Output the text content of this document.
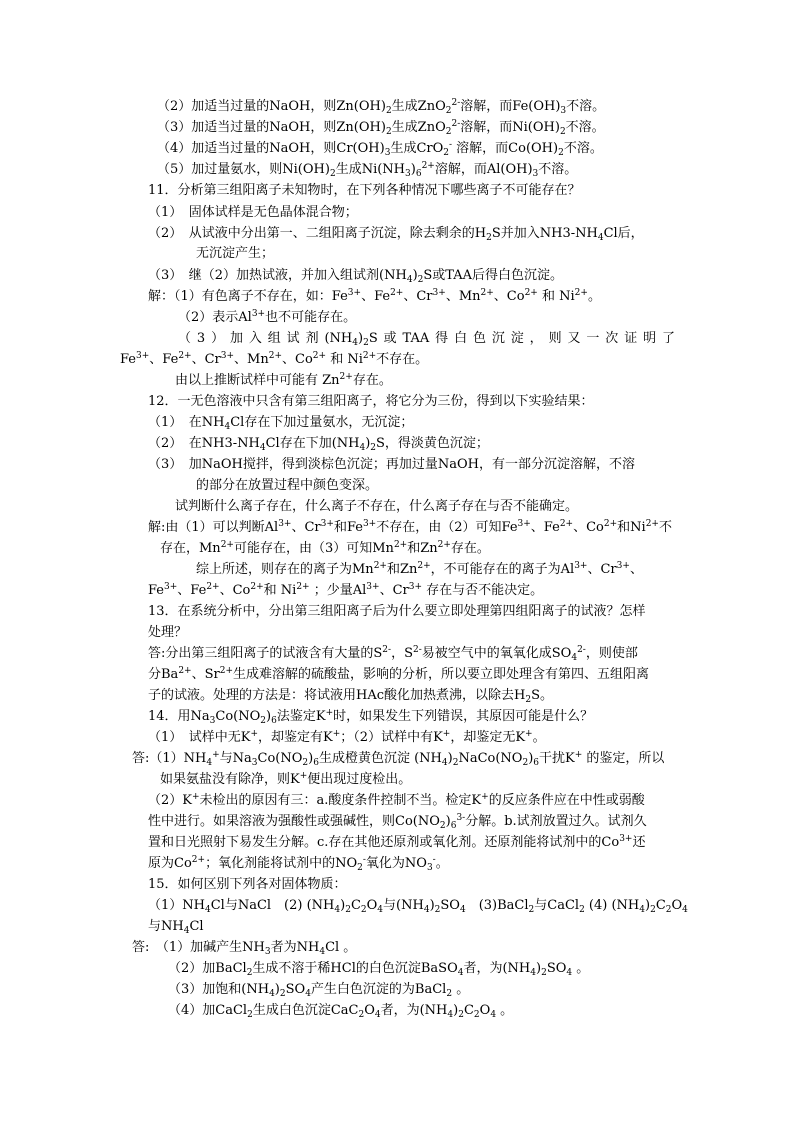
（2）加适当过量的NaOH，则$Zn(OH)_2$生成ZnO$_2^{2-}$溶解，而$Fe(OH)_3$不溶。
（3）加适当过量的NaOH，则$Zn(OH)_2$生成ZnO$_2^{2-}$溶解，而$Ni(OH)_2$不溶。
（4）加适当过量的NaOH，则$Cr(OH)_3$生成CrO$_2$- 溶解，而$Co(OH)_2$不溶。
（5）加过量氨水，则$Ni(OH)_2$生成$Ni(NH_3)_6^{2+}$溶解，而$Al(OH)_3$不溶。
11．分析第三组阳离子未知物时，在下列各种情况下哪些离子不可能存在？
（1）　固体试样是无色晶体混合物；
（2）　从试液中分出第一、二组阳离子沉淀，除去剩余的$H_2S$并加入$NH3-NH_4Cl$后，
无沉淀产生；
（3）　继（2）加热试液，并加入组试剂$(NH_4)_2S$或TAA后得白色沉淀。
解：（1）有色离子不存在，如：$Fe^{3+}$、$Fe^{2+}$、$Cr^{3+}$、$Mn^{2+}$、$Co^{2+}$ 和 $Ni^{2+}$。
（2）表示$Al^{3+}$也不可能存在。
（3）加入组试剂$(NH_4)_2S$或TAA得白色沉淀，则又一次证明了
$Fe^{3+}$、$Fe^{2+}$、$Cr^{3+}$、$Mn^{2+}$、$Co^{2+}$ 和 $Ni^{2+}$不存在。
由以上推断试样中可能有 $Zn^{2+}$存在。
12．一无色溶液中只含有第三组阳离子，将它分为三份，得到以下实验结果：
（1）　在$NH_4Cl$存在下加过量氨水，无沉淀；
（2）　在$NH3-NH_4Cl$存在下加$(NH_4)_2S$，得淡黄色沉淀；
（3）　加NaOH搅拌，得到淡棕色沉淀；再加过量NaOH，有一部分沉淀溶解，不溶
的部分在放置过程中颜色变深。
试判断什么离子存在，什么离子不存在，什么离子存在与否不能确定。
解:由（1）可以判断$Al^{3+}$、$Cr^{3+}$和$Fe^{3+}$不存在，由（2）可知$Fe^{3+}$、$Fe^{2+}$、$Co^{2+}$和$Ni^{2+}$不
存在，$Mn^{2+}$可能存在，由（3）可知$Mn^{2+}$和$Zn^{2+}$存在。
综上所述，则存在的离子为$Mn^{2+}$和$Zn^{2+}$，不可能存在的离子为$Al^{3+}$、$Cr^{3+}$、
$Fe^{3+}$、$Fe^{2+}$、$Co^{2+}$和 $Ni^{2+}$ ；少量$Al^{3+}$、$Cr^{3+}$ 存在与否不能决定。
13．在系统分析中，分出第三组阳离子后为什么要立即处理第四组阳离子的试液？怎样
处理？
答:分出第三组阳离子的试液含有大量的$S^{2-}$，$S^{2-}$易被空气中的氧氧化成$SO_4^{2-}$，则使部
分$Ba^{2+}$、$Sr^{2+}$生成难溶解的硫酸盐，影响的分析，所以要立即处理含有第四、五组阳离
子的试液。处理的方法是：将试液用HAc酸化加热煮沸，以除去$H_2S$。
14．用$Na_3Co(NO_2)_6$法鉴定K+时，如果发生下列错误，其原因可能是什么？
（1）　试样中无K+，却鉴定有K+；（2）试样中有K+，却鉴定无K+。
答$:(1)NH_4^+$与$Na_3Co(NO_2)_6$生成橙黄色沉淀 $(NH_4)_2NaCo(NO_2)_6$干扰K+ 的鉴定，所以
如果氨盐没有除净，则K+便出现过度检出。
（2）K+未检出的原因有三：a.酸度条件控制不当。检定K+的反应条件应在中性或弱酸
性中进行。如果溶液为强酸性或强碱性，则$Co(NO_2)_6^{3-}$分解。b.试剂放置过久。试剂久
置和日光照射下易发生分解。c.存在其他还原剂或氧化剂。还原剂能将试剂中的$Co^{3+}$还
原为$Co^{2+}$；氧化剂能将试剂中的$NO_2^-$氧化为$NO_3^-$。
15．如何区别下列各对固体物质：
$(1)NH_4Cl$与NaCl　(2) $(NH_4)_2C_2O_4$与$(NH_4)_2SO_4$　(3)BaCl$_2$与CaCl$_2$ (4) $(NH_4)_2C_2O_4$
与$NH_4Cl$
答:　（1）加碱产生$NH_3$者为$NH_4Cl$ 。
（2）加BaCl$_2$生成不溶于稀HCl的白色沉淀BaSO$_4$者，为$(NH_4)_2SO_4$ 。
（3）加饱和$(NH_4)_2SO_4$产生白色沉淀的为BaCl$_2$ 。
（4）加CaCl$_2$生成白色沉淀$CaC_2O_4$者，为$(NH_4)_2C_2O_4$ 。
